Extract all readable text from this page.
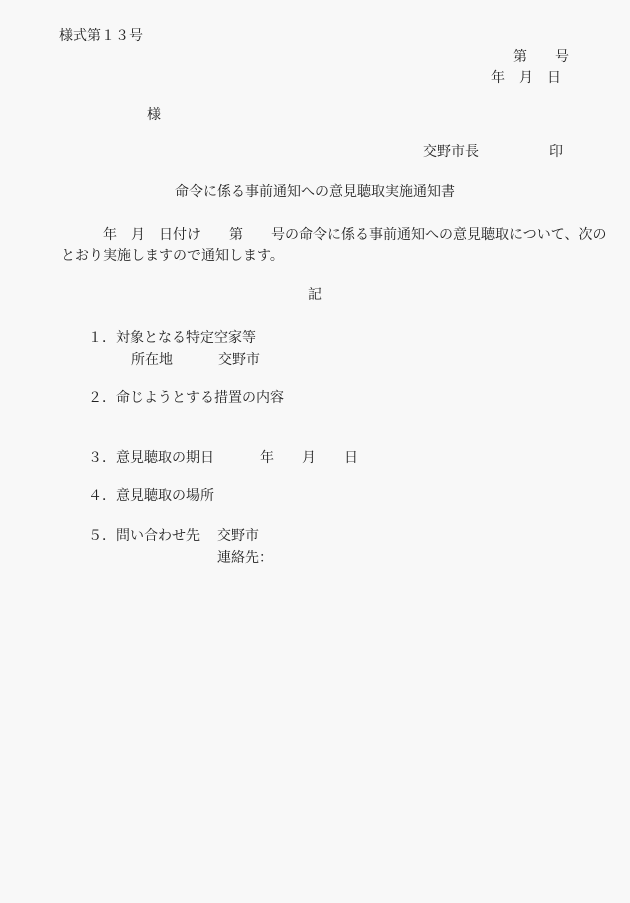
様式第１３号
第　　号
年　月　日
様
交野市長	印
命令に係る事前通知への意見聴取実施通知書
　　　年　月　日付け　　第　　号の命令に係る事前通知への意見聴取について、次の
とおり実施しますので通知します。
記
１．対象となる特定空家等
所在地	交野市
２．命じようとする措置の内容
３．意見聴取の期日	年　　月　　日
４．意見聴取の場所
５．問い合わせ先 交野市
連絡先：
